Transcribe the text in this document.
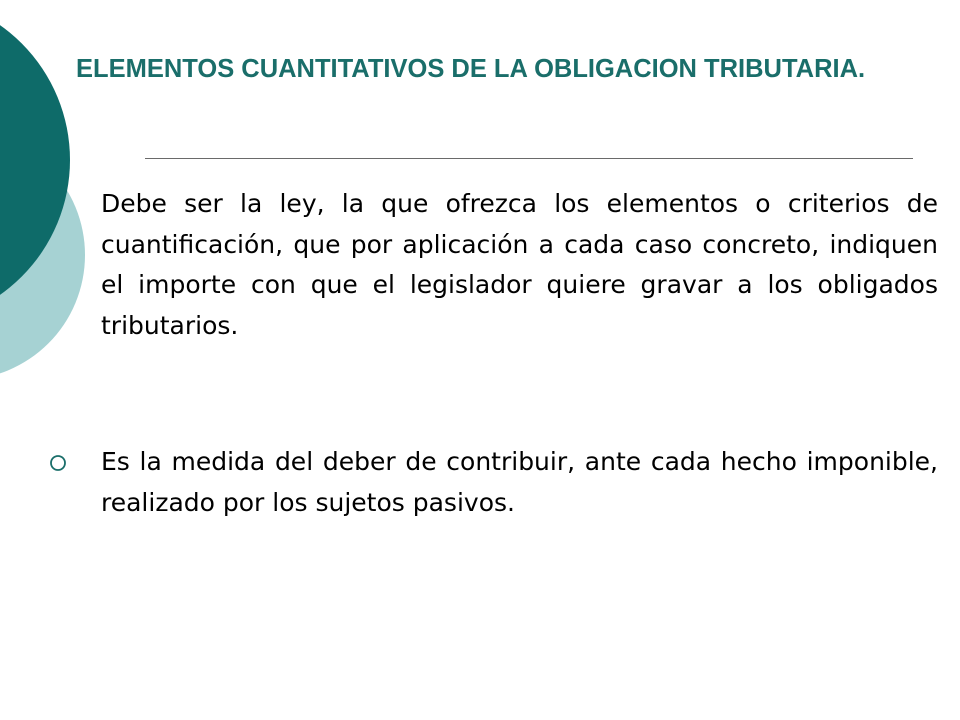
ELEMENTOS CUANTITATIVOS DE LA OBLIGACION TRIBUTARIA.

Debe ser la ley, la que ofrezca los elementos o criterios de cuantificación, que por aplicación a cada caso concreto, indiquen el importe con que el legislador quiere gravar a los obligados tributarios.

Es la medida del deber de contribuir, ante cada hecho imponible, realizado por los sujetos pasivos.
